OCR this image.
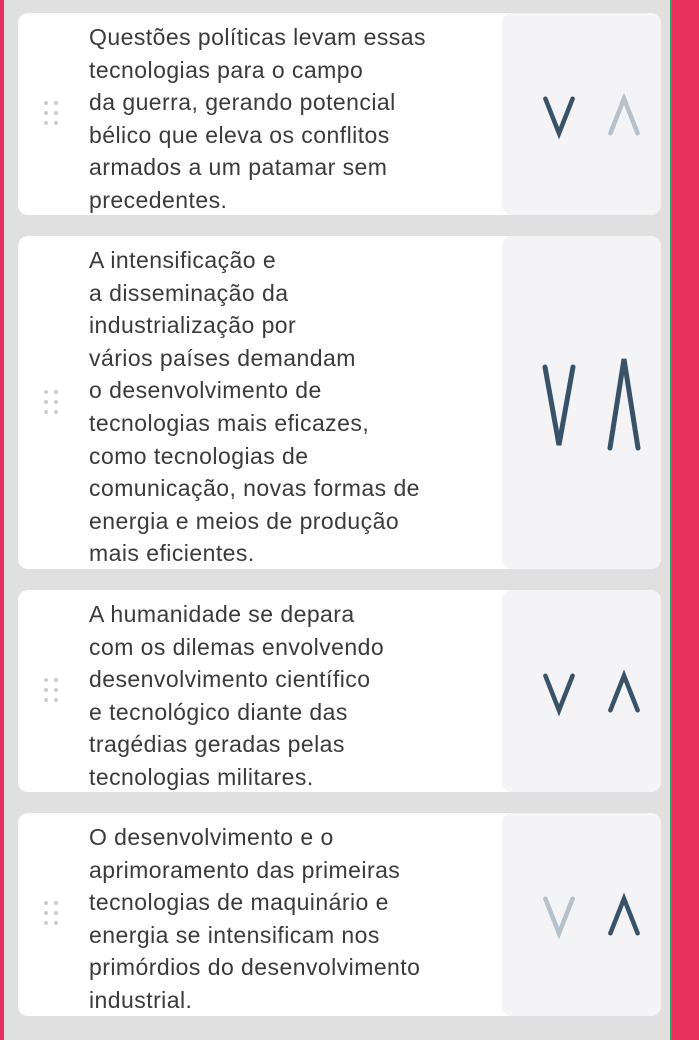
Questões políticas levam essas
tecnologias para o campo
da guerra, gerando potencial
bélico que eleva os conflitos
armados a um patamar sem
precedentes.

A intensificação e
a disseminação da
industrialização por
vários países demandam
o desenvolvimento de
tecnologias mais eficazes,
como tecnologias de
comunicação, novas formas de
energia e meios de produção
mais eficientes.

A humanidade se depara
com os dilemas envolvendo
desenvolvimento científico
e tecnológico diante das
tragédias geradas pelas
tecnologias militares.

O desenvolvimento e o
aprimoramento das primeiras
tecnologias de maquinário e
energia se intensificam nos
primórdios do desenvolvimento
industrial.
